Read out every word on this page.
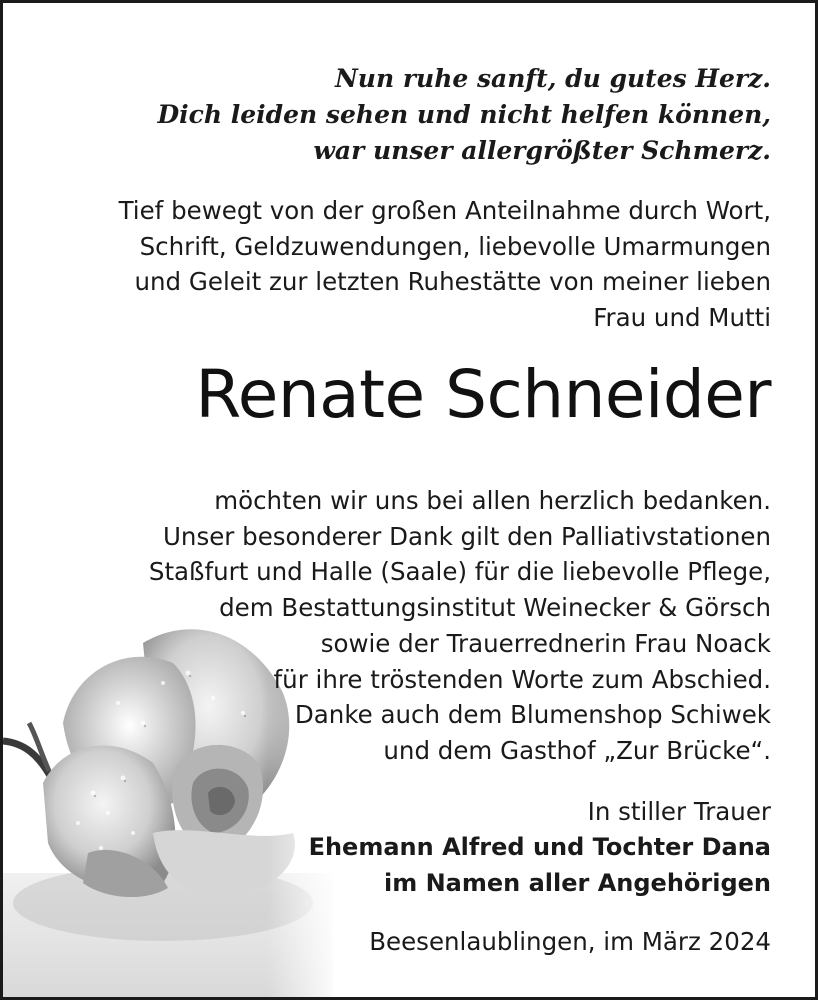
Nun ruhe sanft, du gutes Herz.
Dich leiden sehen und nicht helfen können,
war unser allergrößter Schmerz.
Tief bewegt von der großen Anteilnahme durch Wort,
Schrift, Geldzuwendungen, liebevolle Umarmungen
und Geleit zur letzten Ruhestätte von meiner lieben
Frau und Mutti
Renate Schneider
möchten wir uns bei allen herzlich bedanken.
Unser besonderer Dank gilt den Palliativstationen
Staßfurt und Halle (Saale) für die liebevolle Pflege,
dem Bestattungsinstitut Weinecker & Görsch
sowie der Trauerrednerin Frau Noack
für ihre tröstenden Worte zum Abschied.
Danke auch dem Blumenshop Schiwek
und dem Gasthof „Zur Brücke“.
In stiller Trauer
Ehemann Alfred und Tochter Dana
im Namen aller Angehörigen
Beesenlaublingen, im März 2024
